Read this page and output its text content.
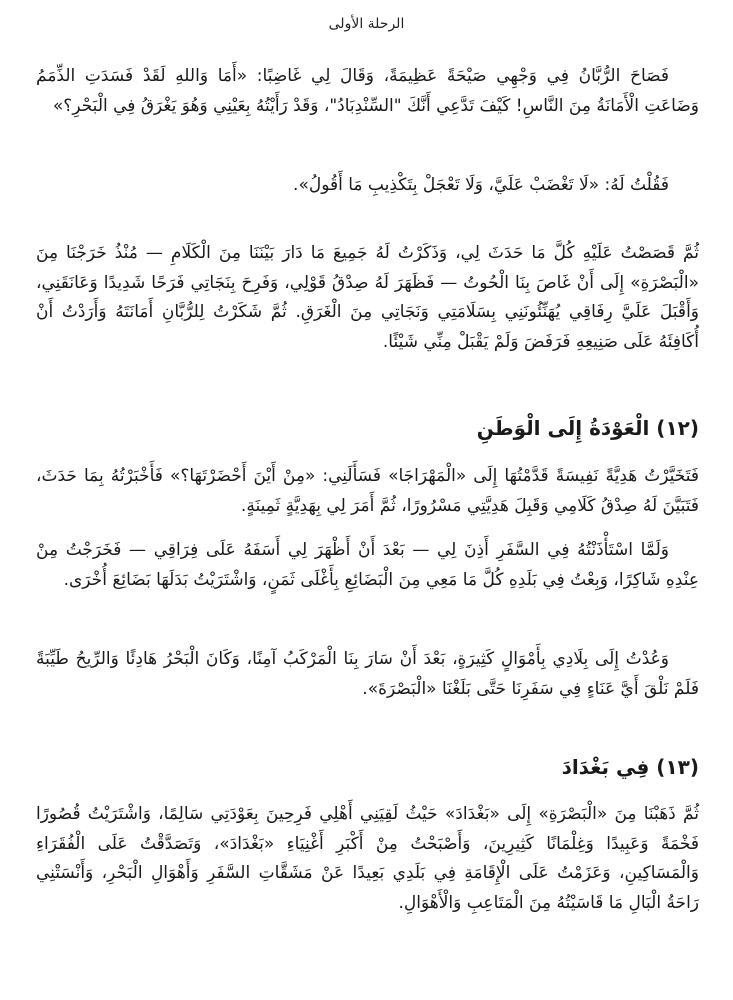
الرحلة الأولى

فَصَاحَ الرُّبَّانُ فِي وَجْهِي صَيْحَةً عَظِيمَةً، وَقَالَ لِي غَاضِبًا: «أَمَا وَاللهِ لَقَدْ فَسَدَتِ الذِّمَمُ وَضَاعَتِ الْأَمَانَةُ مِنَ النَّاسِ! كَيْفَ تَدَّعِي أَنَّكَ "السِّنْدِبَادُ"، وَقَدْ رَأَيْتُهُ بِعَيْنِي وَهُوَ يَغْرَقُ فِي الْبَحْرِ؟»

فَقُلْتُ لَهُ: «لَا تَغْضَبْ عَلَيَّ، وَلَا تَعْجَلْ بِتَكْذِيبِ مَا أَقُولُ».

ثُمَّ قَصَصْتُ عَلَيْهِ كُلَّ مَا حَدَثَ لِي، وَذَكَرْتُ لَهُ جَمِيعَ مَا دَارَ بَيْنَنَا مِنَ الْكَلَامِ — مُنْذُ خَرَجْنَا مِنَ «الْبَصْرَةِ» إِلَى أَنْ غَاصَ بِنَا الْحُوتُ — فَظَهَرَ لَهُ صِدْقُ قَوْلِي، وَفَرِحَ بِنَجَاتِي فَرَحًا شَدِيدًا وَعَانَقَنِي، وَأَقْبَلَ عَلَيَّ رِفَاقِي يُهَنِّئُونَنِي بِسَلَامَتِي وَنَجَاتِي مِنَ الْغَرَقِ. ثُمَّ شَكَرْتُ لِلرُّبَّانِ أَمَانَتَهُ وَأَرَدْتُ أَنْ أُكَافِئَهُ عَلَى صَنِيعِهِ فَرَفَضَ وَلَمْ يَقْبَلْ مِنِّي شَيْئًا.

(١٢) الْعَوْدَةُ إِلَى الْوَطَنِ

فَتَخَيَّرْتُ هَدِيَّةً نَفِيسَةً قَدَّمْتُهَا إِلَى «الْمَهْرَاجَا» فَسَأَلَنِي: «مِنْ أَيْنَ أَحْضَرْتَهَا؟» فَأَخْبَرْتُهُ بِمَا حَدَثَ، فَتَبَيَّنَ لَهُ صِدْقُ كَلَامِي وَقَبِلَ هَدِيَّتِي مَسْرُورًا، ثُمَّ أَمَرَ لِي بِهَدِيَّةٍ ثَمِينَةٍ.

وَلَمَّا اسْتَأْذَنْتُهُ فِي السَّفَرِ أَذِنَ لِي — بَعْدَ أَنْ أَظْهَرَ لِي أَسَفَهُ عَلَى فِرَاقِي — فَخَرَجْتُ مِنْ عِنْدِهِ شَاكِرًا، وَبِعْتُ فِي بَلَدِهِ كُلَّ مَا مَعِي مِنَ الْبَضَائِعِ بِأَغْلَى ثَمَنٍ، وَاشْتَرَيْتُ بَدَلَهَا بَضَائِعَ أُخْرَى.

وَعُدْتُ إِلَى بِلَادِي بِأَمْوَالٍ كَثِيرَةٍ، بَعْدَ أَنْ سَارَ بِنَا الْمَرْكَبُ آمِنًا، وَكَانَ الْبَحْرُ هَادِئًا وَالرِّيحُ طَيِّبَةً فَلَمْ نَلْقَ أَيَّ عَنَاءٍ فِي سَفَرِنَا حَتَّى بَلَغْنَا «الْبَصْرَةَ».

(١٣) فِي بَغْدَادَ

ثُمَّ ذَهَبْنَا مِنَ «الْبَصْرَةِ» إِلَى «بَغْدَادَ» حَيْثُ لَقِيَنِي أَهْلِي فَرِحِينَ بِعَوْدَتِي سَالِمًا، وَاشْتَرَيْتُ قُصُورًا فَخْمَةً وَعَبِيدًا وَغِلْمَانًا كَثِيرِينَ، وَأَصْبَحْتُ مِنْ أَكْبَرِ أَغْنِيَاءِ «بَغْدَادَ»، وَتَصَدَّقْتُ عَلَى الْفُقَرَاءِ وَالْمَسَاكِينِ، وَعَزَمْتُ عَلَى الْإِقَامَةِ فِي بَلَدِي بَعِيدًا عَنْ مَشَقَّاتِ السَّفَرِ وَأَهْوَالِ الْبَحْرِ، وَأَنْسَتْنِي رَاحَةُ الْبَالِ مَا قَاسَيْتُهُ مِنَ الْمَتَاعِبِ وَالْأَهْوَالِ.
